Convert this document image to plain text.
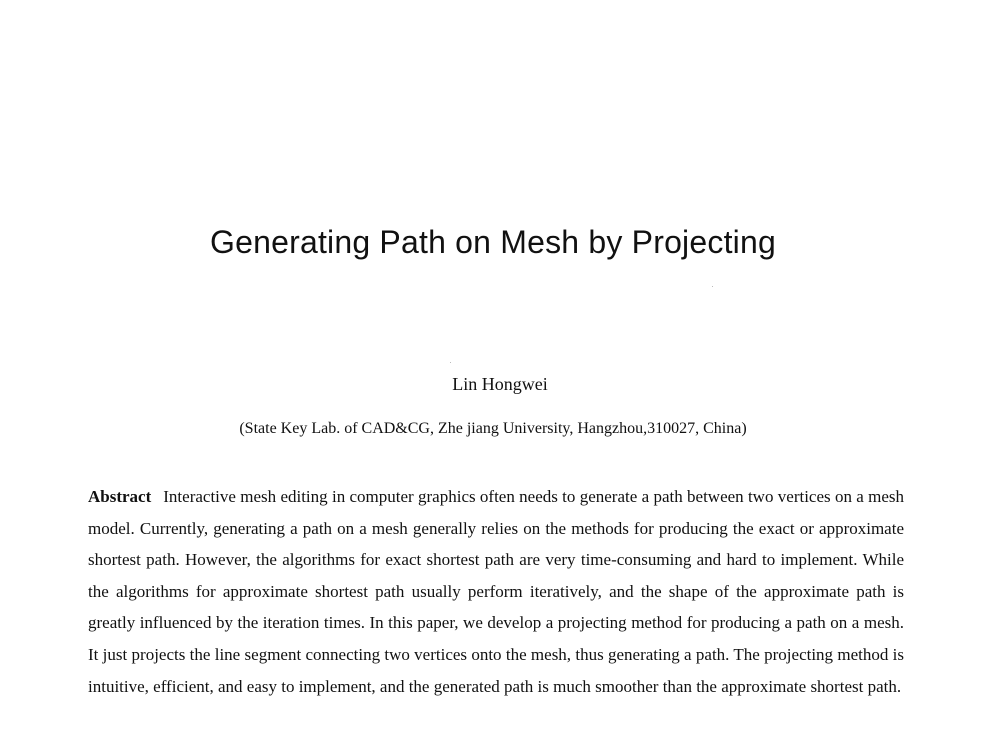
Generating Path on Mesh by Projecting

Lin Hongwei

(State Key Lab. of CAD&CG, Zhe jiang University, Hangzhou,310027, China)

Abstract Interactive mesh editing in computer graphics often needs to generate a path between two vertices on a mesh model. Currently, generating a path on a mesh generally relies on the methods for producing the exact or approximate shortest path. However, the algorithms for exact shortest path are very time-consuming and hard to implement. While the algorithms for approximate shortest path usually perform iteratively, and the shape of the approximate path is greatly influenced by the iteration times. In this paper, we develop a projecting method for producing a path on a mesh. It just projects the line segment connecting two vertices onto the mesh, thus generating a path. The projecting method is intuitive, efficient, and easy to implement, and the generated path is much smoother than the approximate shortest path.
